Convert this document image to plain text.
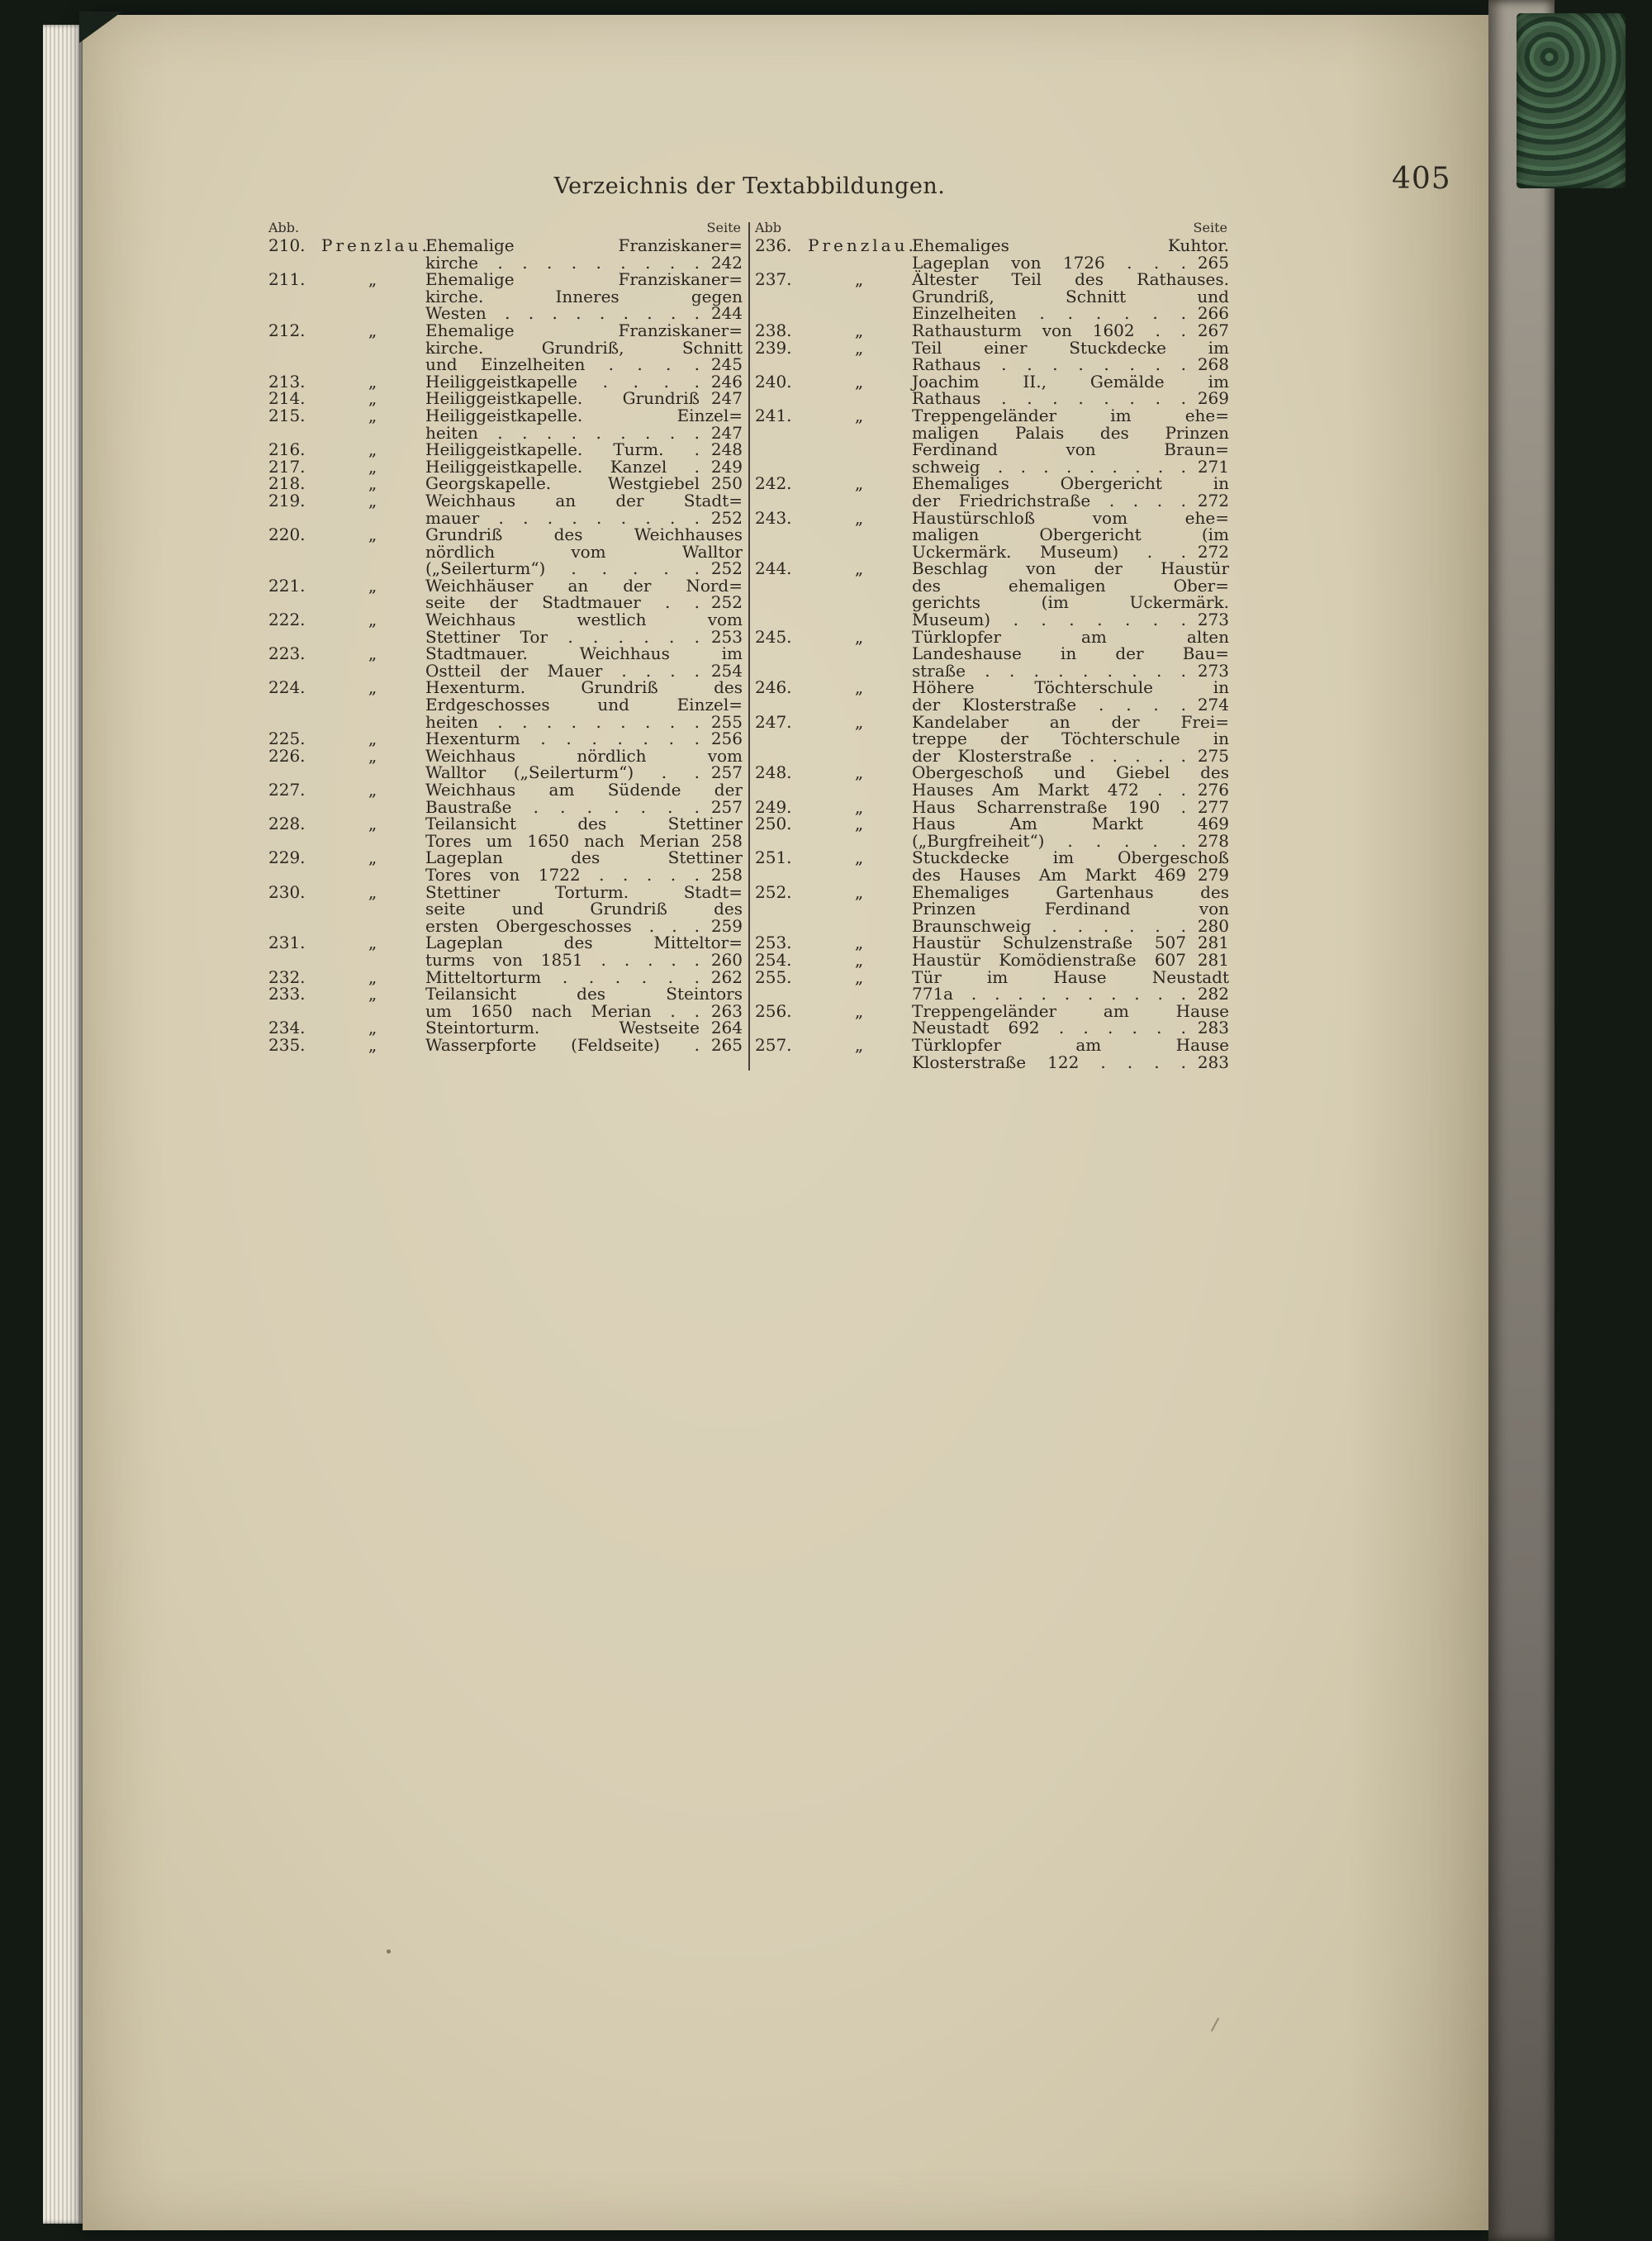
405
Verzeichnis der Textabbildungen.
Abb.	Seite
210. Prenzlau.
Ehemalige Franziskaner=
kirche . . . . . . . . . 242
211.	„	Ehemalige Franziskaner=
kirche. Inneres gegen
Westen . . . . . . . . . 244
212.	„	Ehemalige Franziskaner=
kirche. Grundriß, Schnitt
und Einzelheiten . . . . 245
213.	„	Heiliggeistkapelle . . . . 246
214.	„	Heiliggeistkapelle. Grundriß 247
215.	„	Heiliggeistkapelle. Einzel=
heiten . . . . . . . . . 247
216.	„	Heiliggeistkapelle. Turm. . 248
217.	„	Heiliggeistkapelle. Kanzel . 249
218.	„	Georgskapelle. Westgiebel 250
219.	„	Weichhaus an der Stadt=
mauer . . . . . . . . . 252
220.	„	Grundriß des Weichhauses
nördlich vom Walltor
(„Seilerturm“) . . . . . 252
221.	„	Weichhäuser an der Nord=
seite der Stadtmauer . . 252
222.	„	Weichhaus westlich vom
Stettiner Tor . . . . . . 253
223.	„	Stadtmauer. Weichhaus im
Ostteil der Mauer . . . . 254
224.	„	Hexenturm. Grundriß des
Erdgeschosses und Einzel=
heiten . . . . . . . . . 255
225.	„	Hexenturm . . . . . . . 256
226.	„	Weichhaus nördlich vom
Walltor („Seilerturm“) . . 257
227.	„	Weichhaus am Südende der
Baustraße . . . . . . . 257
228.	„	Teilansicht des Stettiner
Tores um 1650 nach Merian 258
229.	„	Lageplan des Stettiner
Tores von 1722 . . . . . 258
230.	„	Stettiner Torturm. Stadt=
seite und Grundriß des
ersten Obergeschosses . . . 259
231.	„	Lageplan des Mitteltor=
turms von 1851 . . . . . 260
232.	„	Mitteltorturm . . . . . . 262
233.	„	Teilansicht des Steintors
um 1650 nach Merian . . 263
234.	„	Steintorturm. Westseite 264
235.	„	Wasserpforte (Feldseite) . 265
Abb	Seite
236. Prenzlau.
Ehemaliges Kuhtor.
Lageplan von 1726 . . . 265
237.	„	Ältester Teil des Rathauses.
Grundriß, Schnitt und
Einzelheiten . . . . . . 266
238.	„	Rathausturm von 1602 . . 267
239.	„	Teil einer Stuckdecke im
Rathaus . . . . . . . . 268
240.	„	Joachim II., Gemälde im
Rathaus . . . . . . . . 269
241.	„	Treppengeländer im ehe=
maligen Palais des Prinzen
Ferdinand von Braun=
schweig . . . . . . . . . 271
242.	„	Ehemaliges Obergericht in
der Friedrichstraße . . . . 272
243.	„	Haustürschloß vom ehe=
maligen Obergericht (im
Uckermärk. Museum) . . 272
244.	„	Beschlag von der Haustür
des ehemaligen Ober=
gerichts (im Uckermärk.
Museum) . . . . . . . 273
245.	„	Türklopfer am alten
Landeshause in der Bau=
straße . . . . . . . . . 273
246.	„	Höhere Töchterschule in
der Klosterstraße . . . . 274
247.	„	Kandelaber an der Frei=
treppe der Töchterschule in
der Klosterstraße . . . . . 275
248.	„	Obergeschoß und Giebel des
Hauses Am Markt 472 . . 276
249.	„	Haus Scharrenstraße 190 . 277
250.	„	Haus Am Markt 469
(„Burgfreiheit“) . . . . . 278
251.	„	Stuckdecke im Obergeschoß
des Hauses Am Markt 469 279
252.	„	Ehemaliges Gartenhaus des
Prinzen Ferdinand von
Braunschweig . . . . . . 280
253.	„	Haustür Schulzenstraße 507 281
254.	„	Haustür Komödienstraße 607 281
255.	„	Tür im Hause Neustadt
771a . . . . . . . . . . 282
256.	„	Treppengeländer am Hause
Neustadt 692 . . . . . . 283
257.	„	Türklopfer am Hause
Klosterstraße 122 . . . . 283
